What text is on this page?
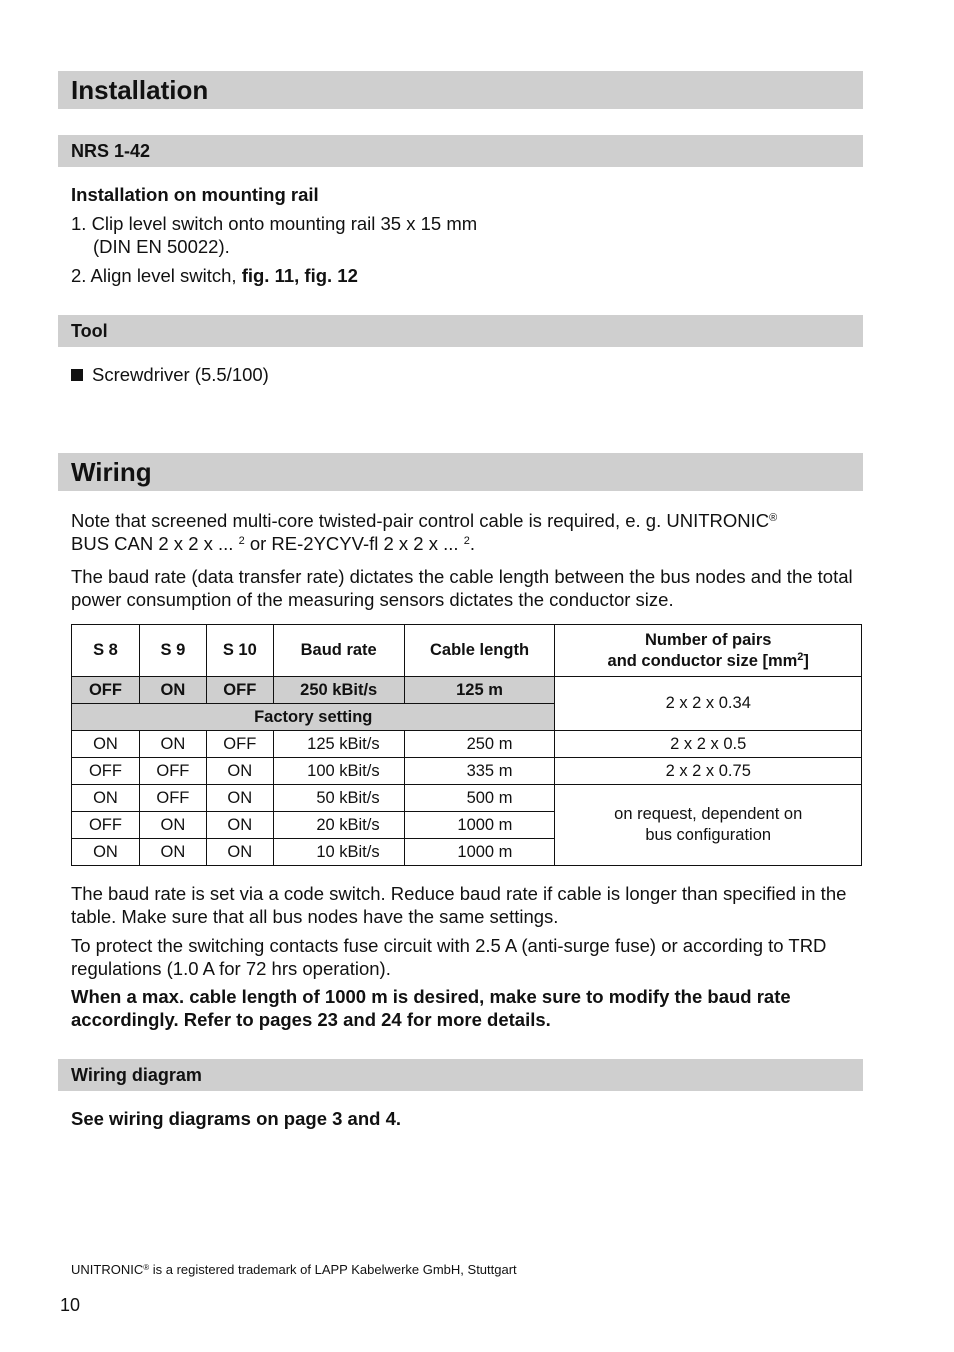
Installation
NRS 1-42
Installation on mounting rail
1. Clip level switch onto mounting rail 35 x 15 mm
(DIN EN 50022).
2. Align level switch, fig. 11, fig. 12
Tool
Screwdriver (5.5/100)
Wiring
Note that screened multi-core twisted-pair control cable is required, e. g. UNITRONIC®
BUS CAN 2 x 2 x ... $^2$ or RE-2YCYV-fl 2 x 2 x ... $^2$.
The baud rate (data transfer rate) dictates the cable length between the bus nodes and the total power consumption of the measuring sensors dictates the conductor size.
S 8	S 9	S 10	Baud rate	Cable length	Number of pairs
and conductor size $[mm^2]$
OFF	ON	OFF	250 kBit/s	125 m	2 x 2 x 0.34
Factory setting					
ON	ON	OFF	125 kBit/s	250 m	2 x 2 x 0.5
OFF	OFF	ON	100 kBit/s	335 m	2 x 2 x 0.75
ON	OFF	ON	50 kBit/s	500 m	on request, dependent on
bus configuration
OFF	ON	ON	20 kBit/s	1000 m	
ON	ON	ON	10 kBit/s	1000 m	
The baud rate is set via a code switch. Reduce baud rate if cable is longer than specified in the table. Make sure that all bus nodes have the same settings.
To protect the switching contacts fuse circuit with 2.5 A (anti-surge fuse) or according to TRD regulations (1.0 A for 72 hrs operation).
When a max. cable length of 1000 m is desired, make sure to modify the baud rate accordingly. Refer to pages 23 and 24 for more details.
Wiring diagram
See wiring diagrams on page 3 and 4.
UNITRONIC® is a registered trademark of LAPP Kabelwerke GmbH, Stuttgart
10
